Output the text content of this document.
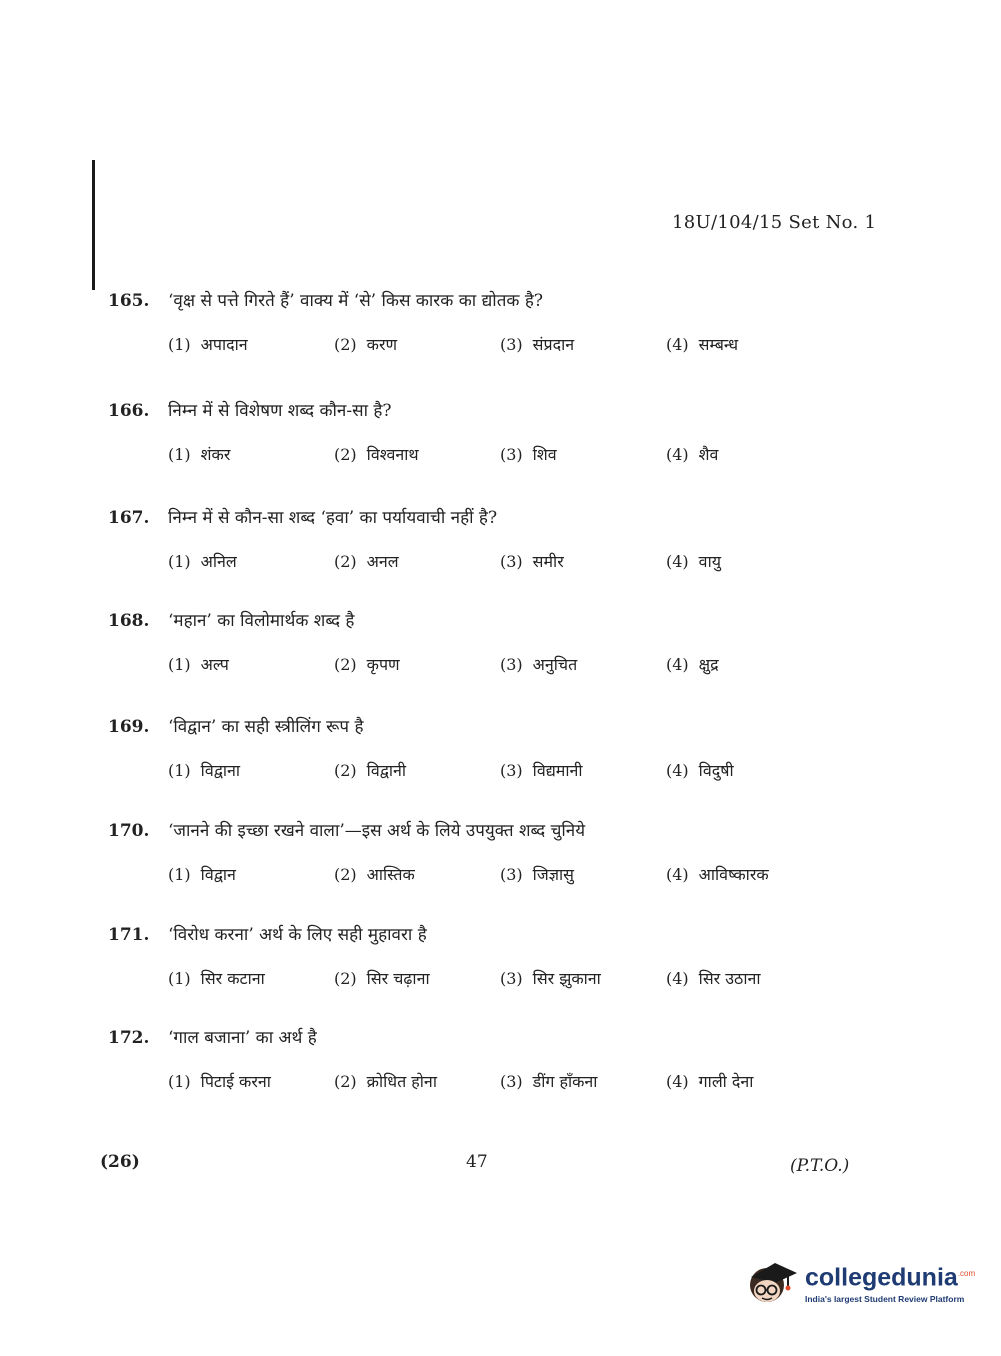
18U/104/15 Set No. 1
165.	‘वृक्ष से पत्ते गिरते हैं’ वाक्य में ‘से’ किस कारक का द्योतक है?
(1) अपादान	(2) करण	(3) संप्रदान	(4) सम्बन्ध
166.	निम्न में से विशेषण शब्द कौन-सा है?
(1) शंकर	(2) विश्वनाथ	(3) शिव	(4) शैव
167.	निम्न में से कौन-सा शब्द ‘हवा’ का पर्यायवाची नहीं है?
(1) अनिल	(2) अनल	(3) समीर	(4) वायु
168.	‘महान’ का विलोमार्थक शब्द है
(1) अल्प	(2) कृपण	(3) अनुचित	(4) क्षुद्र
169.	‘विद्वान’ का सही स्त्रीलिंग रूप है
(1) विद्वाना	(2) विद्वानी	(3) विद्यमानी	(4) विदुषी
170.	‘जानने की इच्छा रखने वाला’—इस अर्थ के लिये उपयुक्त शब्द चुनिये
(1) विद्वान	(2) आस्तिक	(3) जिज्ञासु	(4) आविष्कारक
171.	‘विरोध करना’ अर्थ के लिए सही मुहावरा है
(1) सिर कटाना	(2) सिर चढ़ाना	(3) सिर झुकाना	(4) सिर उठाना
172.	‘गाल बजाना’ का अर्थ है
(1) पिटाई करना	(2) क्रोधित होना	(3) डींग हाँकना	(4) गाली देना
(26)	47	(P.T.O.)
collegedunia$^{.com}$
India's largest Student Review Platform
